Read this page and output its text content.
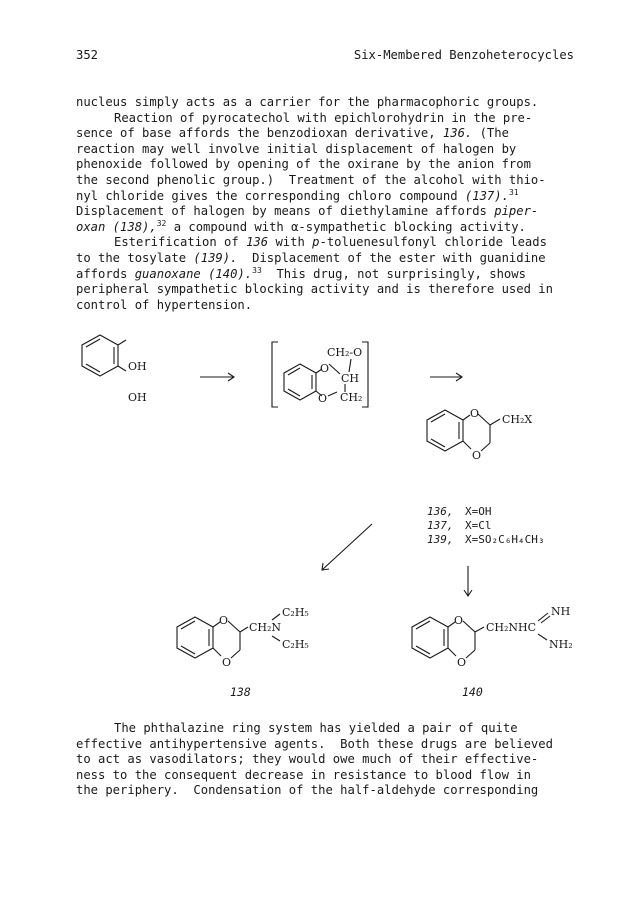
352	Six-Membered Benzoheterocycles
nucleus simply acts as a carrier for the pharmacophoric groups.
Reaction of pyrocatechol with epichlorohydrin in the pre-
sence of base affords the benzodioxan derivative, 136. (The
reaction may well involve initial displacement of halogen by
phenoxide followed by opening of the oxirane by the anion from
the second phenolic group.)  Treatment of the alcohol with thio-
nyl chloride gives the corresponding chloro compound (137).$^{31}$
Displacement of halogen by means of diethylamine affords piper-
oxan (138),$^{32}$ a compound with α-sympathetic blocking activity.
Esterification of 136 with p-toluenesulfonyl chloride leads
to the tosylate (139).  Displacement of the ester with guanidine
affords guanoxane (140).$^{33}$  This drug, not surprisingly, shows
peripheral sympathetic blocking activity and is therefore used in
control of hypertension.
OH
OH
CH₂-O
O
CH
O CH₂
O
O
CH₂X
136, X=OH
137, X=Cl
139, X=SO₂C₆H₄CH₃
O
O
CH₂N
C₂H₅
C₂H₅
138
O
O
CH₂NHC
NH
NH₂
140
The phthalazine ring system has yielded a pair of quite
effective antihypertensive agents.  Both these drugs are believed
to act as vasodilators; they would owe much of their effective-
ness to the consequent decrease in resistance to blood flow in
the periphery.  Condensation of the half-aldehyde corresponding
